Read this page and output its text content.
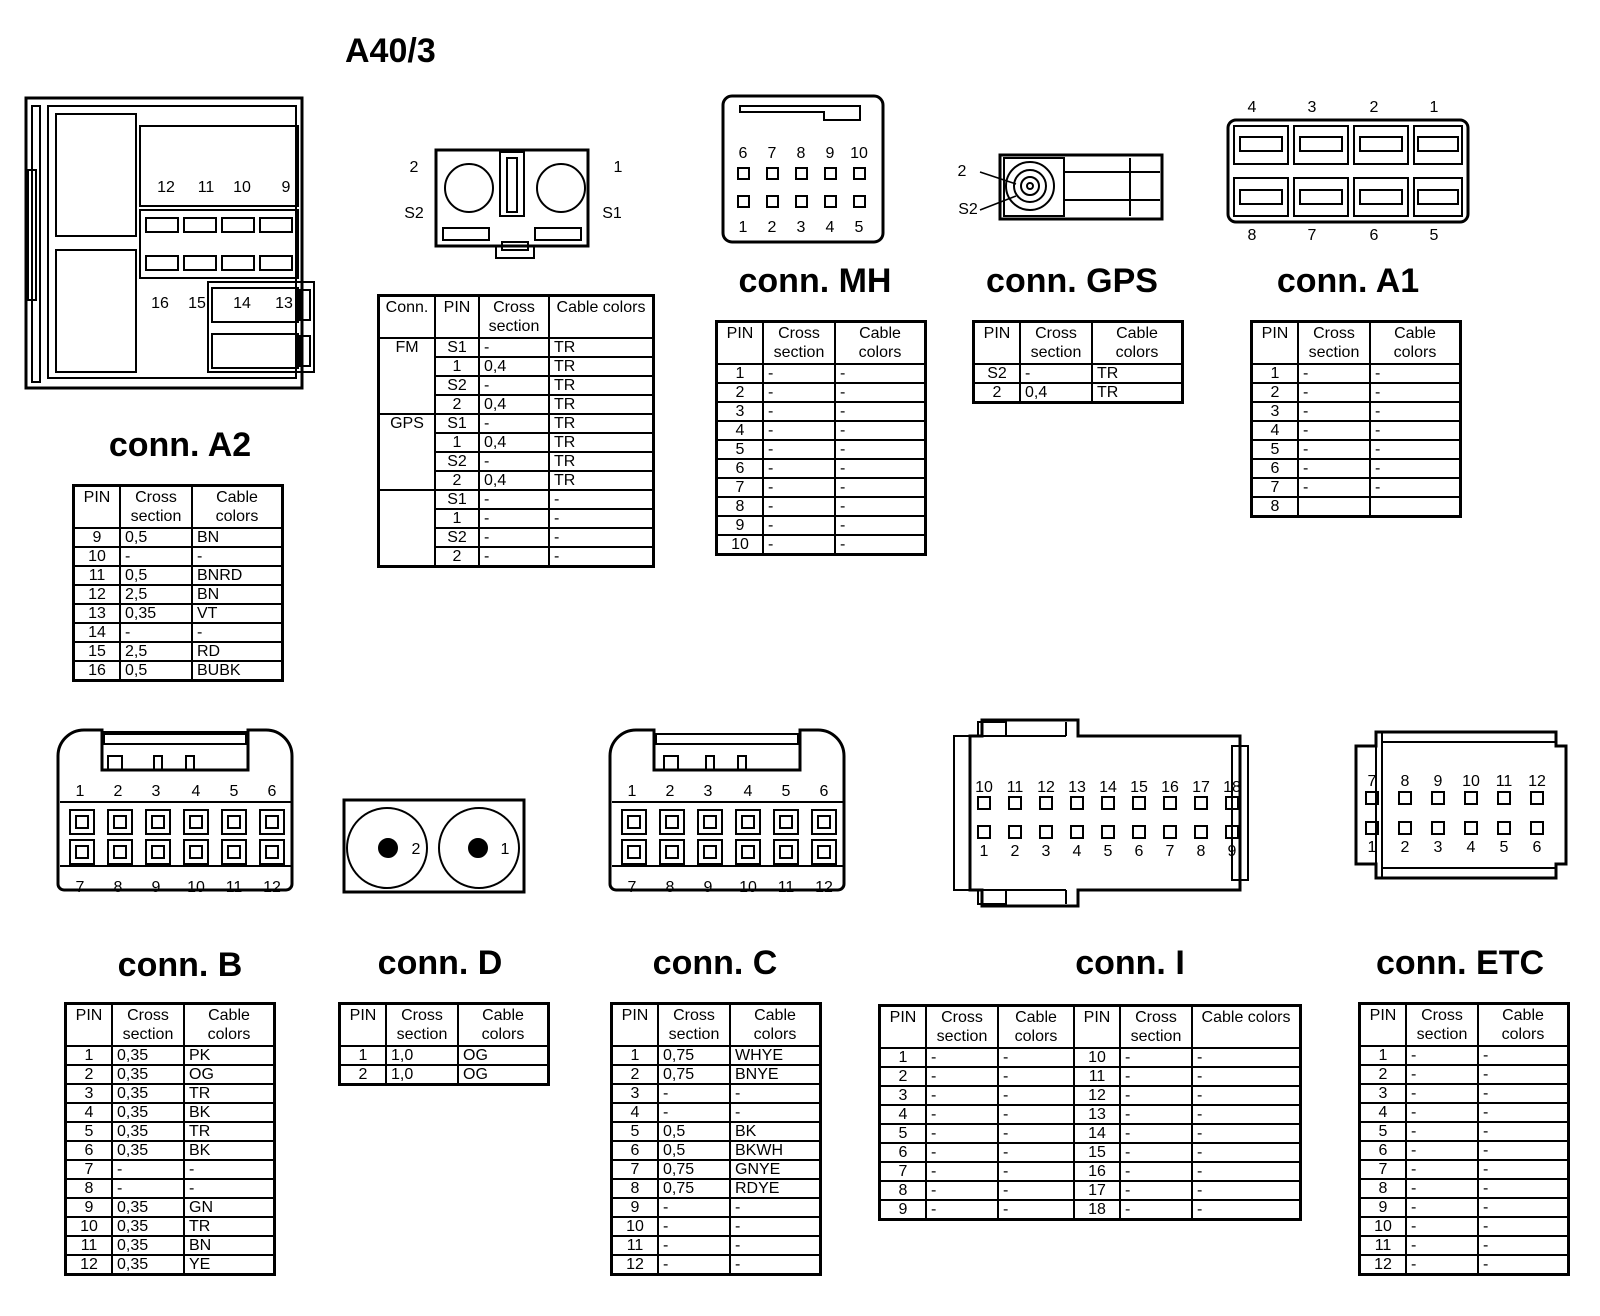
A40/3
12 11 10 9
16 15 14 13
2	1
S2	S1
6 7 8 9 10
1 2 3 4 5
2
S2
4	3	2	1
8	7	6	5
1 2 3 4 5 6
7 8 9 10 11 12
2	1
1 2 3 4 5 6
7 8 9 10 11 12
10 11 12 13 14 15 16 17 18
1 2 3 4 5 6 7 8 9
7 8 9 10 11 12
1 2 3 4 5 6
conn. A2
conn. MH	conn. GPS	conn. A1
conn. B	conn. D	conn. C	conn. I	conn. ETC
Conn.	PIN	Cross section	Cable colors
FM	S1	-	TR
	1	0,4	TR
	S2	-	TR
	2	0,4	TR
GPS	S1	-	TR
	1	0,4	TR
	S2	-	TR
	2	0,4	TR
	S1	-	-
	1	-	-
	S2	-	-
	2	-	-
PIN	Cross section	Cable colors
9	0,5	BN
10	-	-
11	0,5	BNRD
12	2,5	BN
13	0,35	VT
14	-	-
15	2,5	RD
16	0,5	BUBK
PIN	Cross section	Cable colors
1	-	-
2	-	-
3	-	-
4	-	-
5	-	-
6	-	-
7	-	-
8	-	-
9	-	-
10	-	-
PIN	Cross section	Cable colors
S2	-	TR
2	0,4	TR
PIN	Cross section	Cable colors
1	-	-
2	-	-
3	-	-
4	-	-
5	-	-
6	-	-
7	-	-
8		
PIN	Cross section	Cable colors
1	0,35	PK
2	0,35	OG
3	0,35	TR
4	0,35	BK
5	0,35	TR
6	0,35	BK
7	-	-
8	-	-
9	0,35	GN
10	0,35	TR
11	0,35	BN
12	0,35	YE
PIN	Cross section	Cable colors
1	1,0	OG
2	1,0	OG
PIN	Cross section	Cable colors
1	0,75	WHYE
2	0,75	BNYE
3	-	-
4	-	-
5	0,5	BK
6	0,5	BKWH
7	0,75	GNYE
8	0,75	RDYE
9	-	-
10	-	-
11	-	-
12	-	-
PIN	Cross section	Cable colors	PIN	Cross section	Cable colors
1	-	-	10	-	-
2	-	-	11	-	-
3	-	-	12	-	-
4	-	-	13	-	-
5	-	-	14	-	-
6	-	-	15	-	-
7	-	-	16	-	-
8	-	-	17	-	-
9	-	-	18	-	-
PIN	Cross section	Cable colors
1	-	-
2	-	-
3	-	-
4	-	-
5	-	-
6	-	-
7	-	-
8	-	-
9	-	-
10	-	-
11	-	-
12	-	-
